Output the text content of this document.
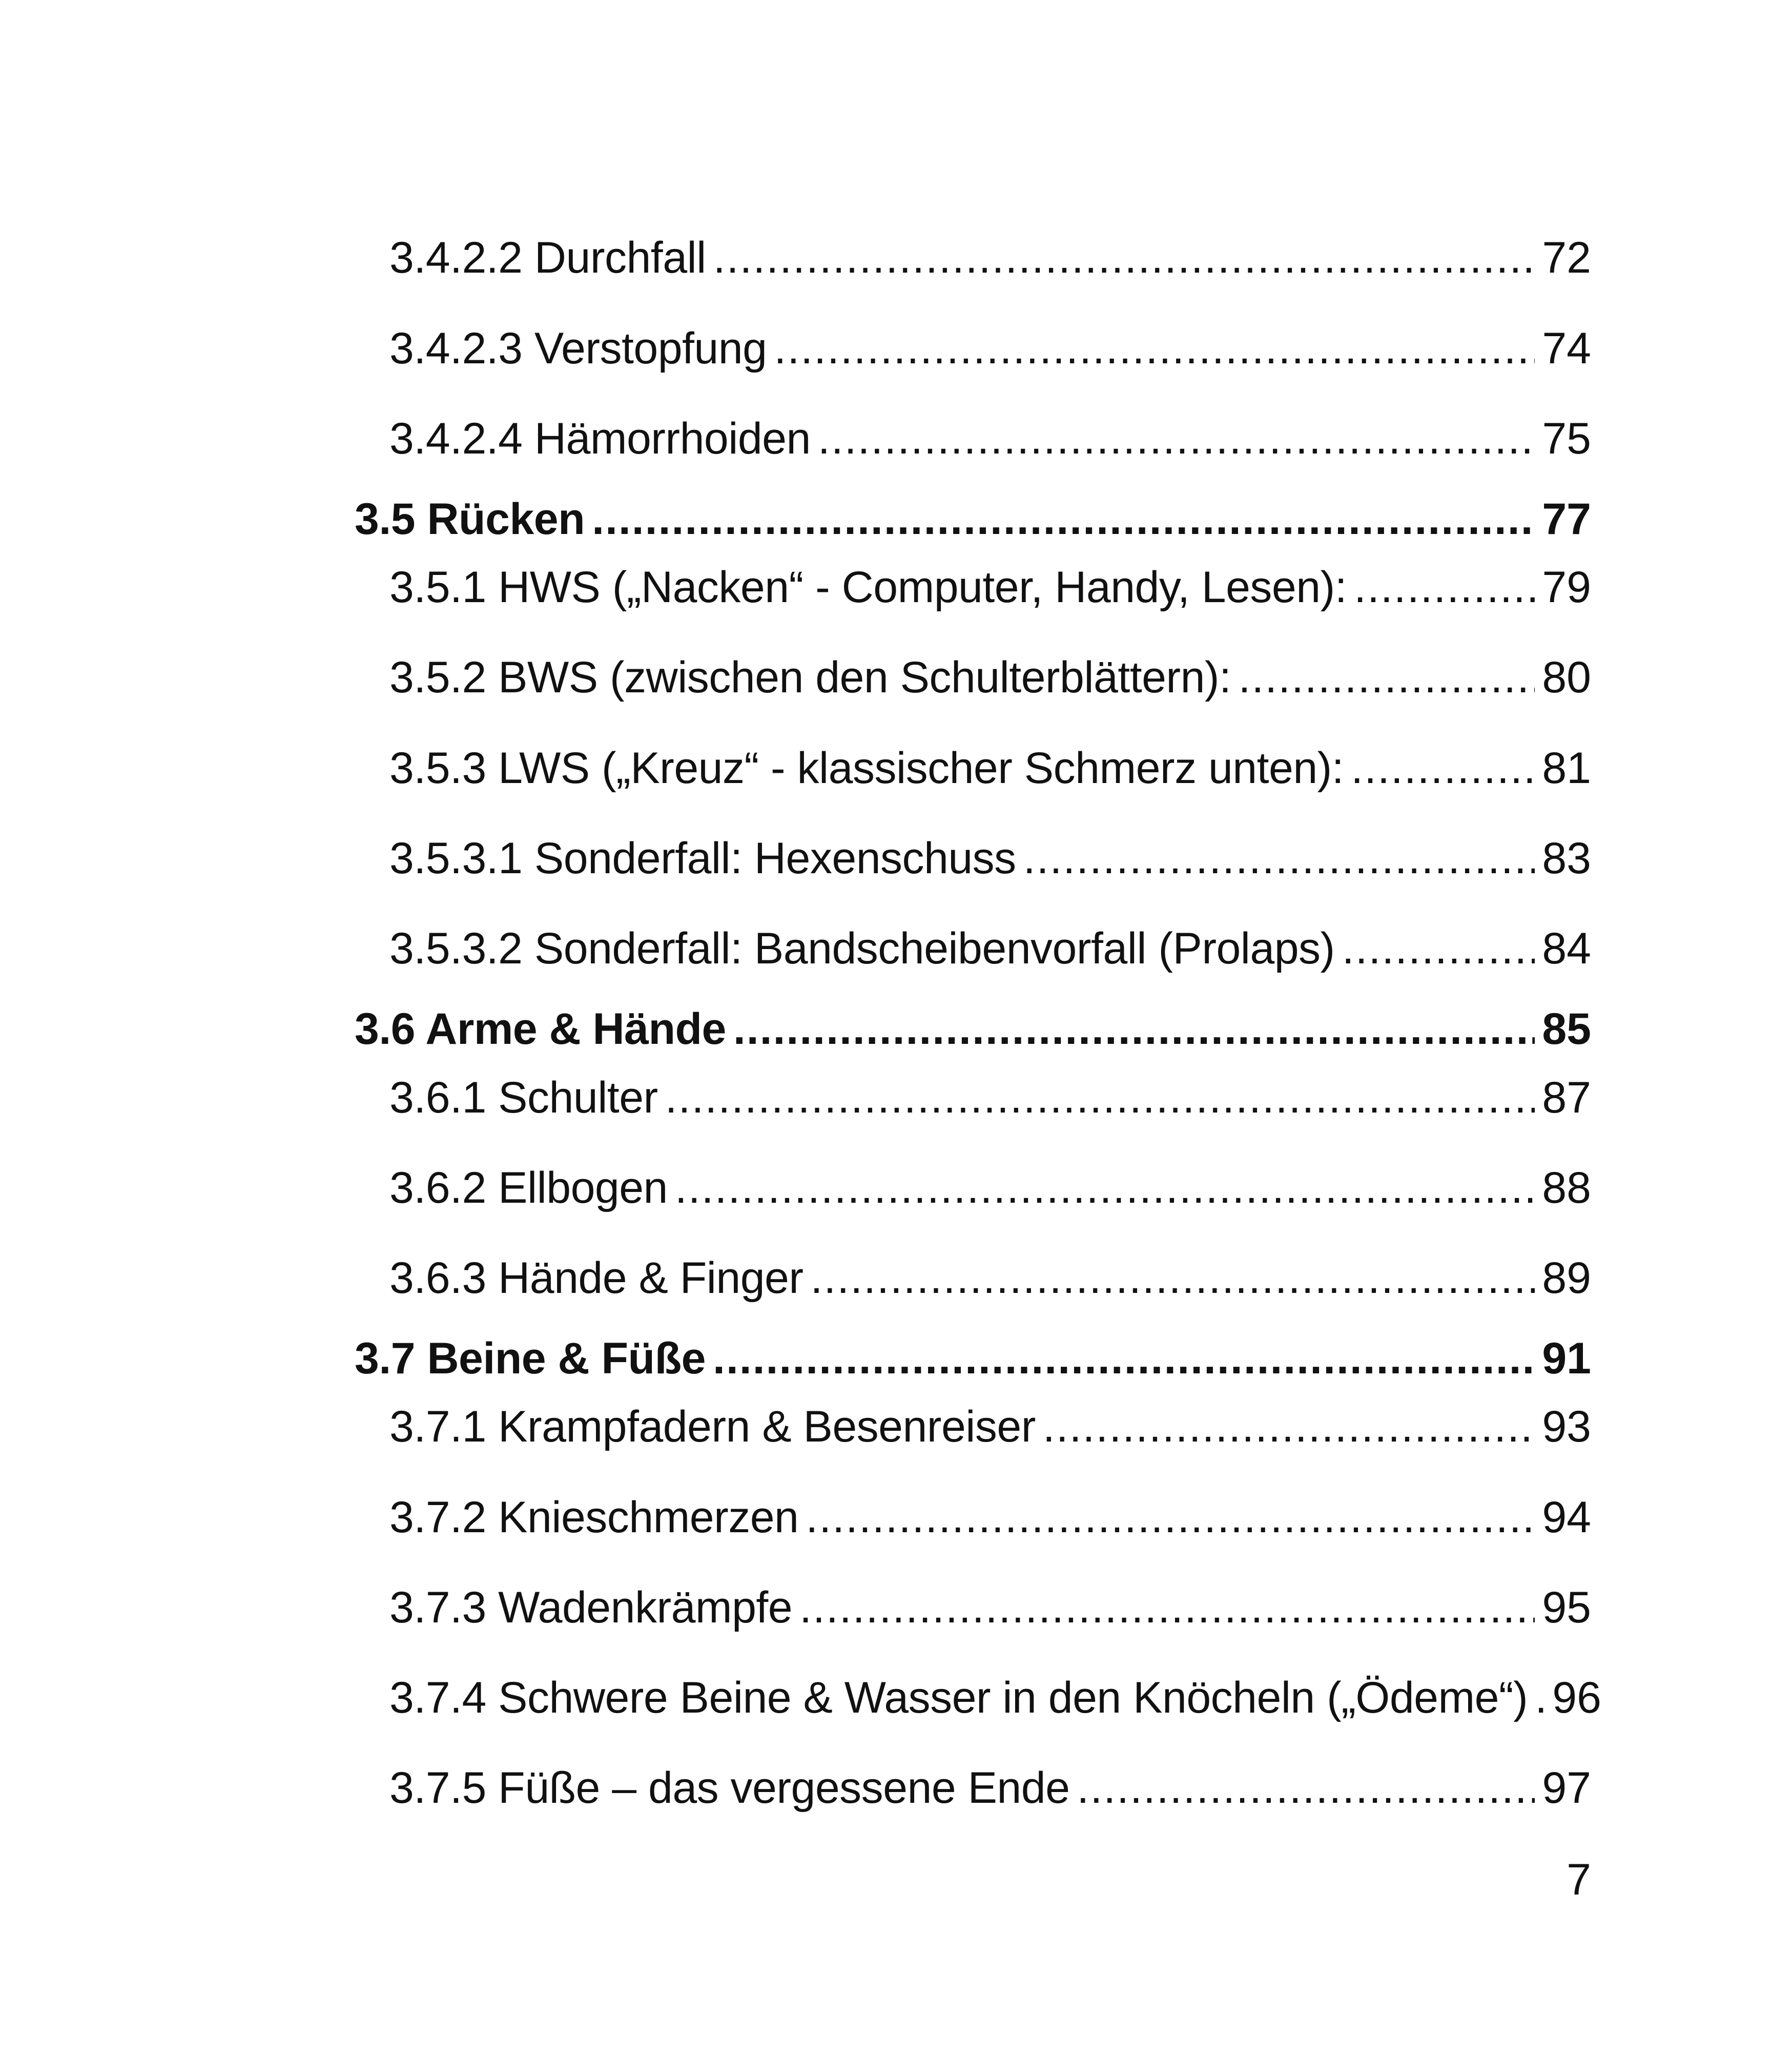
3.4.2.2 Durchfall .....	72
3.4.2.3 Verstopfung .....	74
3.4.2.4 Hämorrhoiden .....	75
3.5 Rücken .....	77
3.5.1 HWS („Nacken“ - Computer, Handy, Lesen): .....	79
3.5.2 BWS (zwischen den Schulterblättern): .....	80
3.5.3 LWS („Kreuz“ - klassischer Schmerz unten): .....	81
3.5.3.1 Sonderfall: Hexenschuss .....	83
3.5.3.2 Sonderfall: Bandscheibenvorfall (Prolaps) .....	84
3.6 Arme & Hände .....	85
3.6.1 Schulter .....	87
3.6.2 Ellbogen .....	88
3.6.3 Hände & Finger .....	89
3.7 Beine & Füße .....	91
3.7.1 Krampfadern & Besenreiser .....	93
3.7.2 Knieschmerzen .....	94
3.7.3 Wadenkrämpfe .....	95
3.7.4 Schwere Beine & Wasser in den Knöcheln („Ödeme“) ..... 96
3.7.5 Füße – das vergessene Ende .....	97
7
